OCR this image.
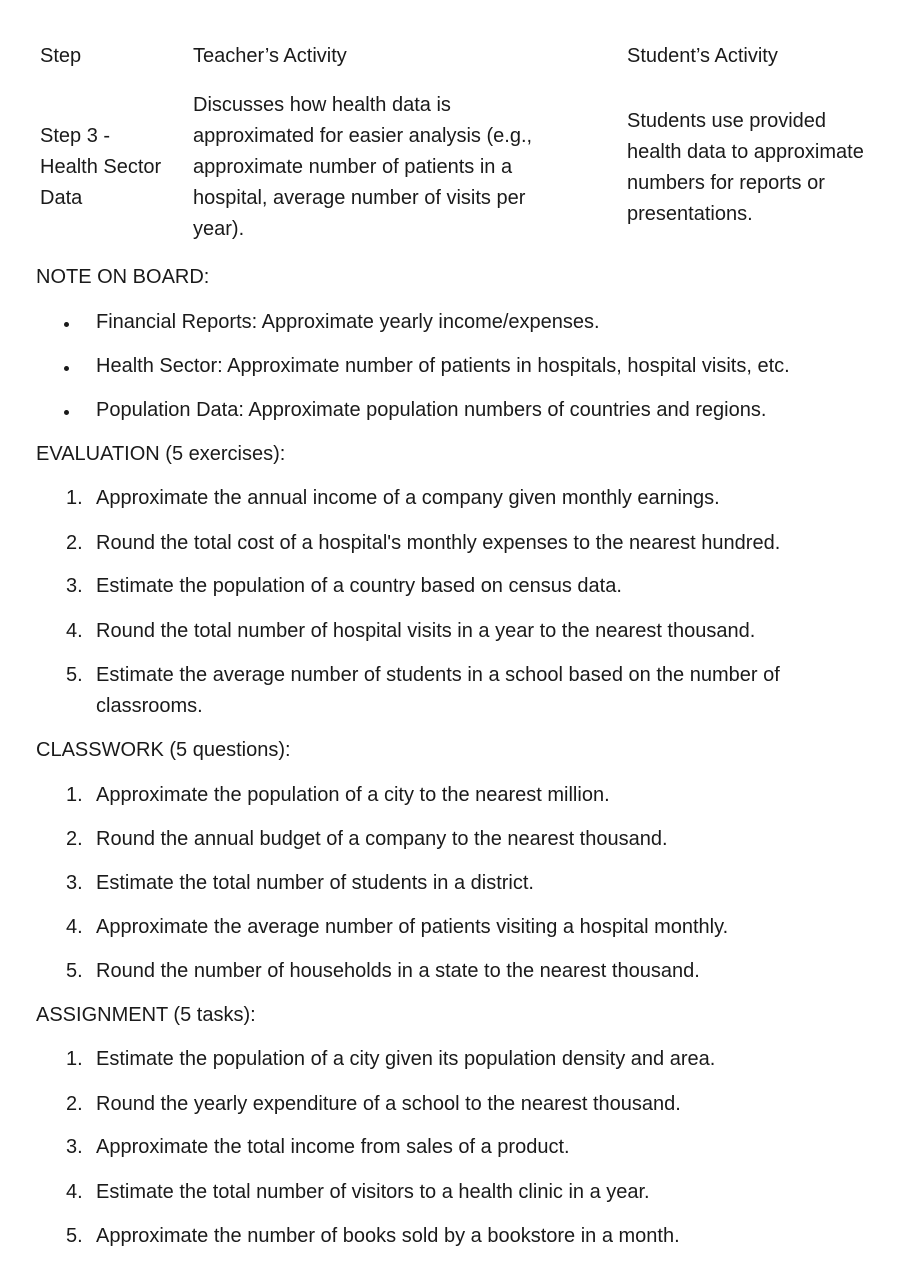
Step	Teacher’s Activity	Student’s Activity
Step 3 -
Health Sector
Data
Discusses how health data is
approximated for easier analysis (e.g.,
approximate number of patients in a
hospital, average number of visits per
year).
Students use provided
health data to approximate
numbers for reports or
presentations.
NOTE ON BOARD:
Financial Reports: Approximate yearly income/expenses.
Health Sector: Approximate number of patients in hospitals, hospital visits, etc.
Population Data: Approximate population numbers of countries and regions.
EVALUATION (5 exercises):
1. Approximate the annual income of a company given monthly earnings.
2. Round the total cost of a hospital's monthly expenses to the nearest hundred.
3. Estimate the population of a country based on census data.
4. Round the total number of hospital visits in a year to the nearest thousand.
5. Estimate the average number of students in a school based on the number of
classrooms.
CLASSWORK (5 questions):
1. Approximate the population of a city to the nearest million.
2. Round the annual budget of a company to the nearest thousand.
3. Estimate the total number of students in a district.
4. Approximate the average number of patients visiting a hospital monthly.
5. Round the number of households in a state to the nearest thousand.
ASSIGNMENT (5 tasks):
1. Estimate the population of a city given its population density and area.
2. Round the yearly expenditure of a school to the nearest thousand.
3. Approximate the total income from sales of a product.
4. Estimate the total number of visitors to a health clinic in a year.
5. Approximate the number of books sold by a bookstore in a month.
